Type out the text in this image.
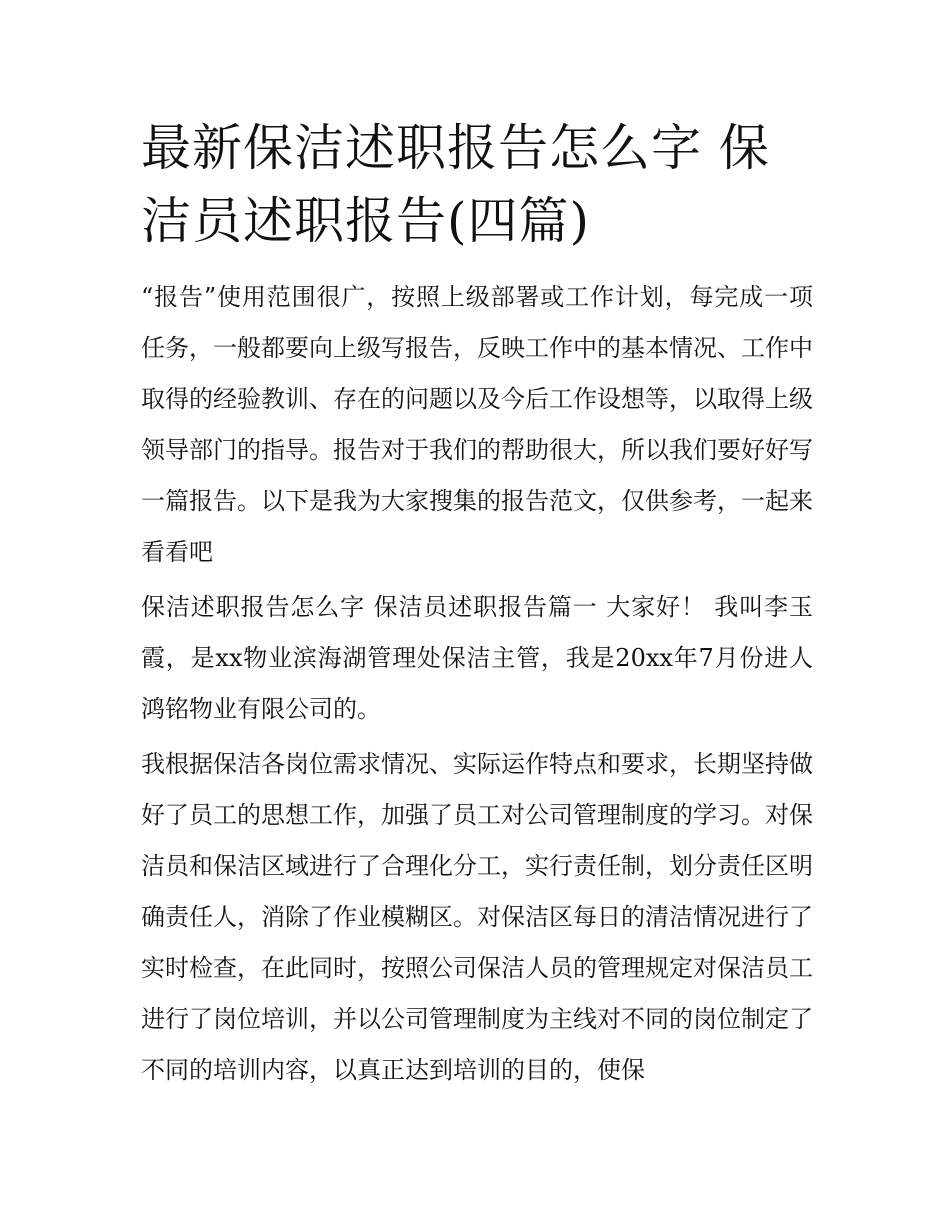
最新保洁述职报告怎么字 保洁员述职报告(四篇)

“报告”使用范围很广，按照上级部署或工作计划，每完成一项任务，一般都要向上级写报告，反映工作中的基本情况、工作中取得的经验教训、存在的问题以及今后工作设想等，以取得上级领导部门的指导。报告对于我们的帮助很大，所以我们要好好写一篇报告。以下是我为大家搜集的报告范文，仅供参考，一起来看看吧

保洁述职报告怎么字 保洁员述职报告篇一 大家好！ 我叫李玉霞，是xx物业滨海湖管理处保洁主管，我是20xx年7月份进人鸿铭物业有限公司的。

我根据保洁各岗位需求情况、实际运作特点和要求，长期坚持做好了员工的思想工作，加强了员工对公司管理制度的学习。对保洁员和保洁区域进行了合理化分工，实行责任制，划分责任区明确责任人，消除了作业模糊区。对保洁区每日的清洁情况进行了实时检查，在此同时，按照公司保洁人员的管理规定对保洁员工进行了岗位培训，并以公司管理制度为主线对不同的岗位制定了不同的培训内容，以真正达到培训的目的，使保
